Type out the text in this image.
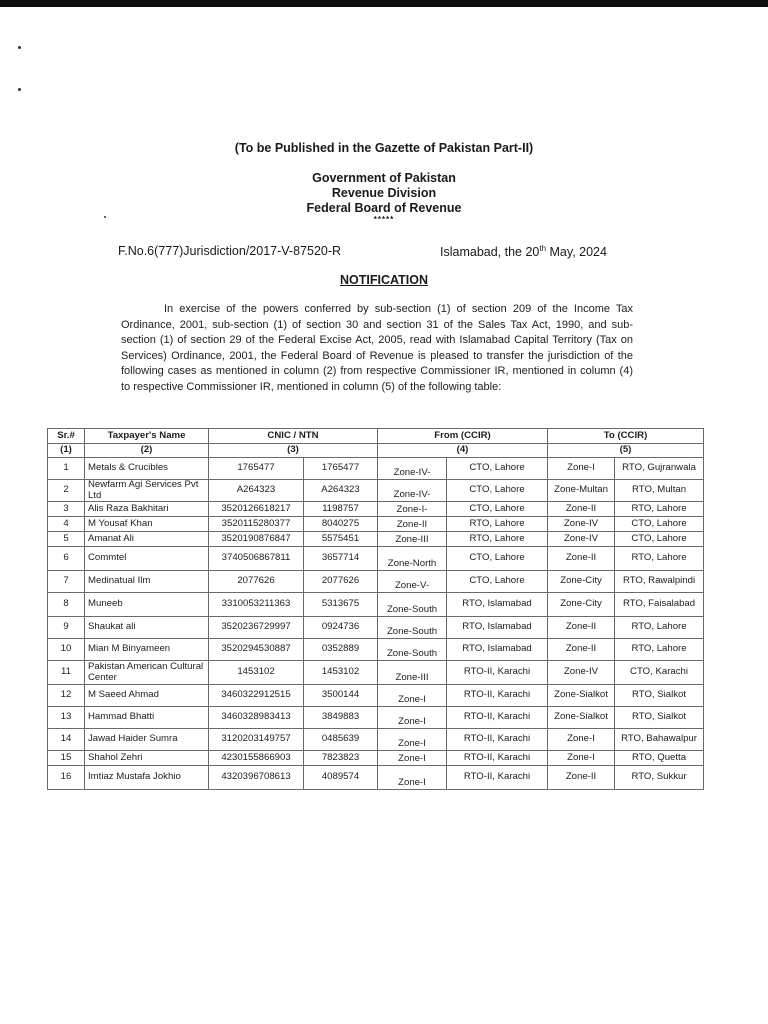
(To be Published in the Gazette of Pakistan Part-II)
Government of Pakistan
Revenue Division
Federal Board of Revenue
*****
F.No.6(777)Jurisdiction/2017-V-87520-R	Islamabad, the 20th May, 2024
NOTIFICATION
In exercise of the powers conferred by sub-section (1) of section 209 of the Income Tax Ordinance, 2001, sub-section (1) of section 30 and section 31 of the Sales Tax Act, 1990, and sub-section (1) of section 29 of the Federal Excise Act, 2005, read with Islamabad Capital Territory (Tax on Services) Ordinance, 2001, the Federal Board of Revenue is pleased to transfer the jurisdiction of the following cases as mentioned in column (2) from respective Commissioner IR, mentioned in column (4) to respective Commissioner IR, mentioned in column (5) of the following table:
Sr.#	Taxpayer's Name	CNIC / NTN		From (CCIR)		To (CCIR)	
(1)	(2)	(3)		(4)		(5)	
1	Metals & Crucibles	1765477	1765477	Zone-IV-	CTO, Lahore	Zone-I	RTO, Gujranwala
2	Newfarm Agi Services Pvt Ltd	A264323	A264323	Zone-IV-	CTO, Lahore	Zone-Multan	RTO, Multan
3	Alis Raza Bakhitari	3520126618217	1198757	Zone-I-	CTO, Lahore	Zone-II	RTO, Lahore
4	M Yousaf Khan	3520115280377	8040275	Zone-II	RTO, Lahore	Zone-IV	CTO, Lahore
5	Amanat Ali	3520190876847	5575451	Zone-III	RTO, Lahore	Zone-IV	CTO, Lahore
6	Commtel	3740506867811	3657714	Zone-North	CTO, Lahore	Zone-II	RTO, Lahore
7	Medinatual Ilm	2077626	2077626	Zone-V-	CTO, Lahore	Zone-City	RTO, Rawalpindi
8	Muneeb	3310053211363	5313675	Zone-South	RTO, Islamabad	Zone-City	RTO, Faisalabad
9	Shaukat ali	3520236729997	0924736	Zone-South	RTO, Islamabad	Zone-II	RTO, Lahore
10	Mian M Binyameen	3520294530887	0352889	Zone-South	RTO, Islamabad	Zone-II	RTO, Lahore
11	Pakistan American Cultural Center	1453102	1453102	Zone-III	RTO-II, Karachi	Zone-IV	CTO, Karachi
12	M Saeed Ahmad	3460322912515	3500144	Zone-I	RTO-II, Karachi	Zone-Sialkot	RTO, Sialkot
13	Hammad Bhatti	3460328983413	3849883	Zone-I	RTO-II, Karachi	Zone-Sialkot	RTO, Sialkot
14	Jawad Haider Sumra	3120203149757	0485639	Zone-I	RTO-II, Karachi	Zone-I	RTO, Bahawalpur
15	Shahol Zehri	4230155866903	7823823	Zone-I	RTO-II, Karachi	Zone-I	RTO, Quetta
16	Imtiaz Mustafa Jokhio	4320396708613	4089574	Zone-I	RTO-II, Karachi	Zone-II	RTO, Sukkur
